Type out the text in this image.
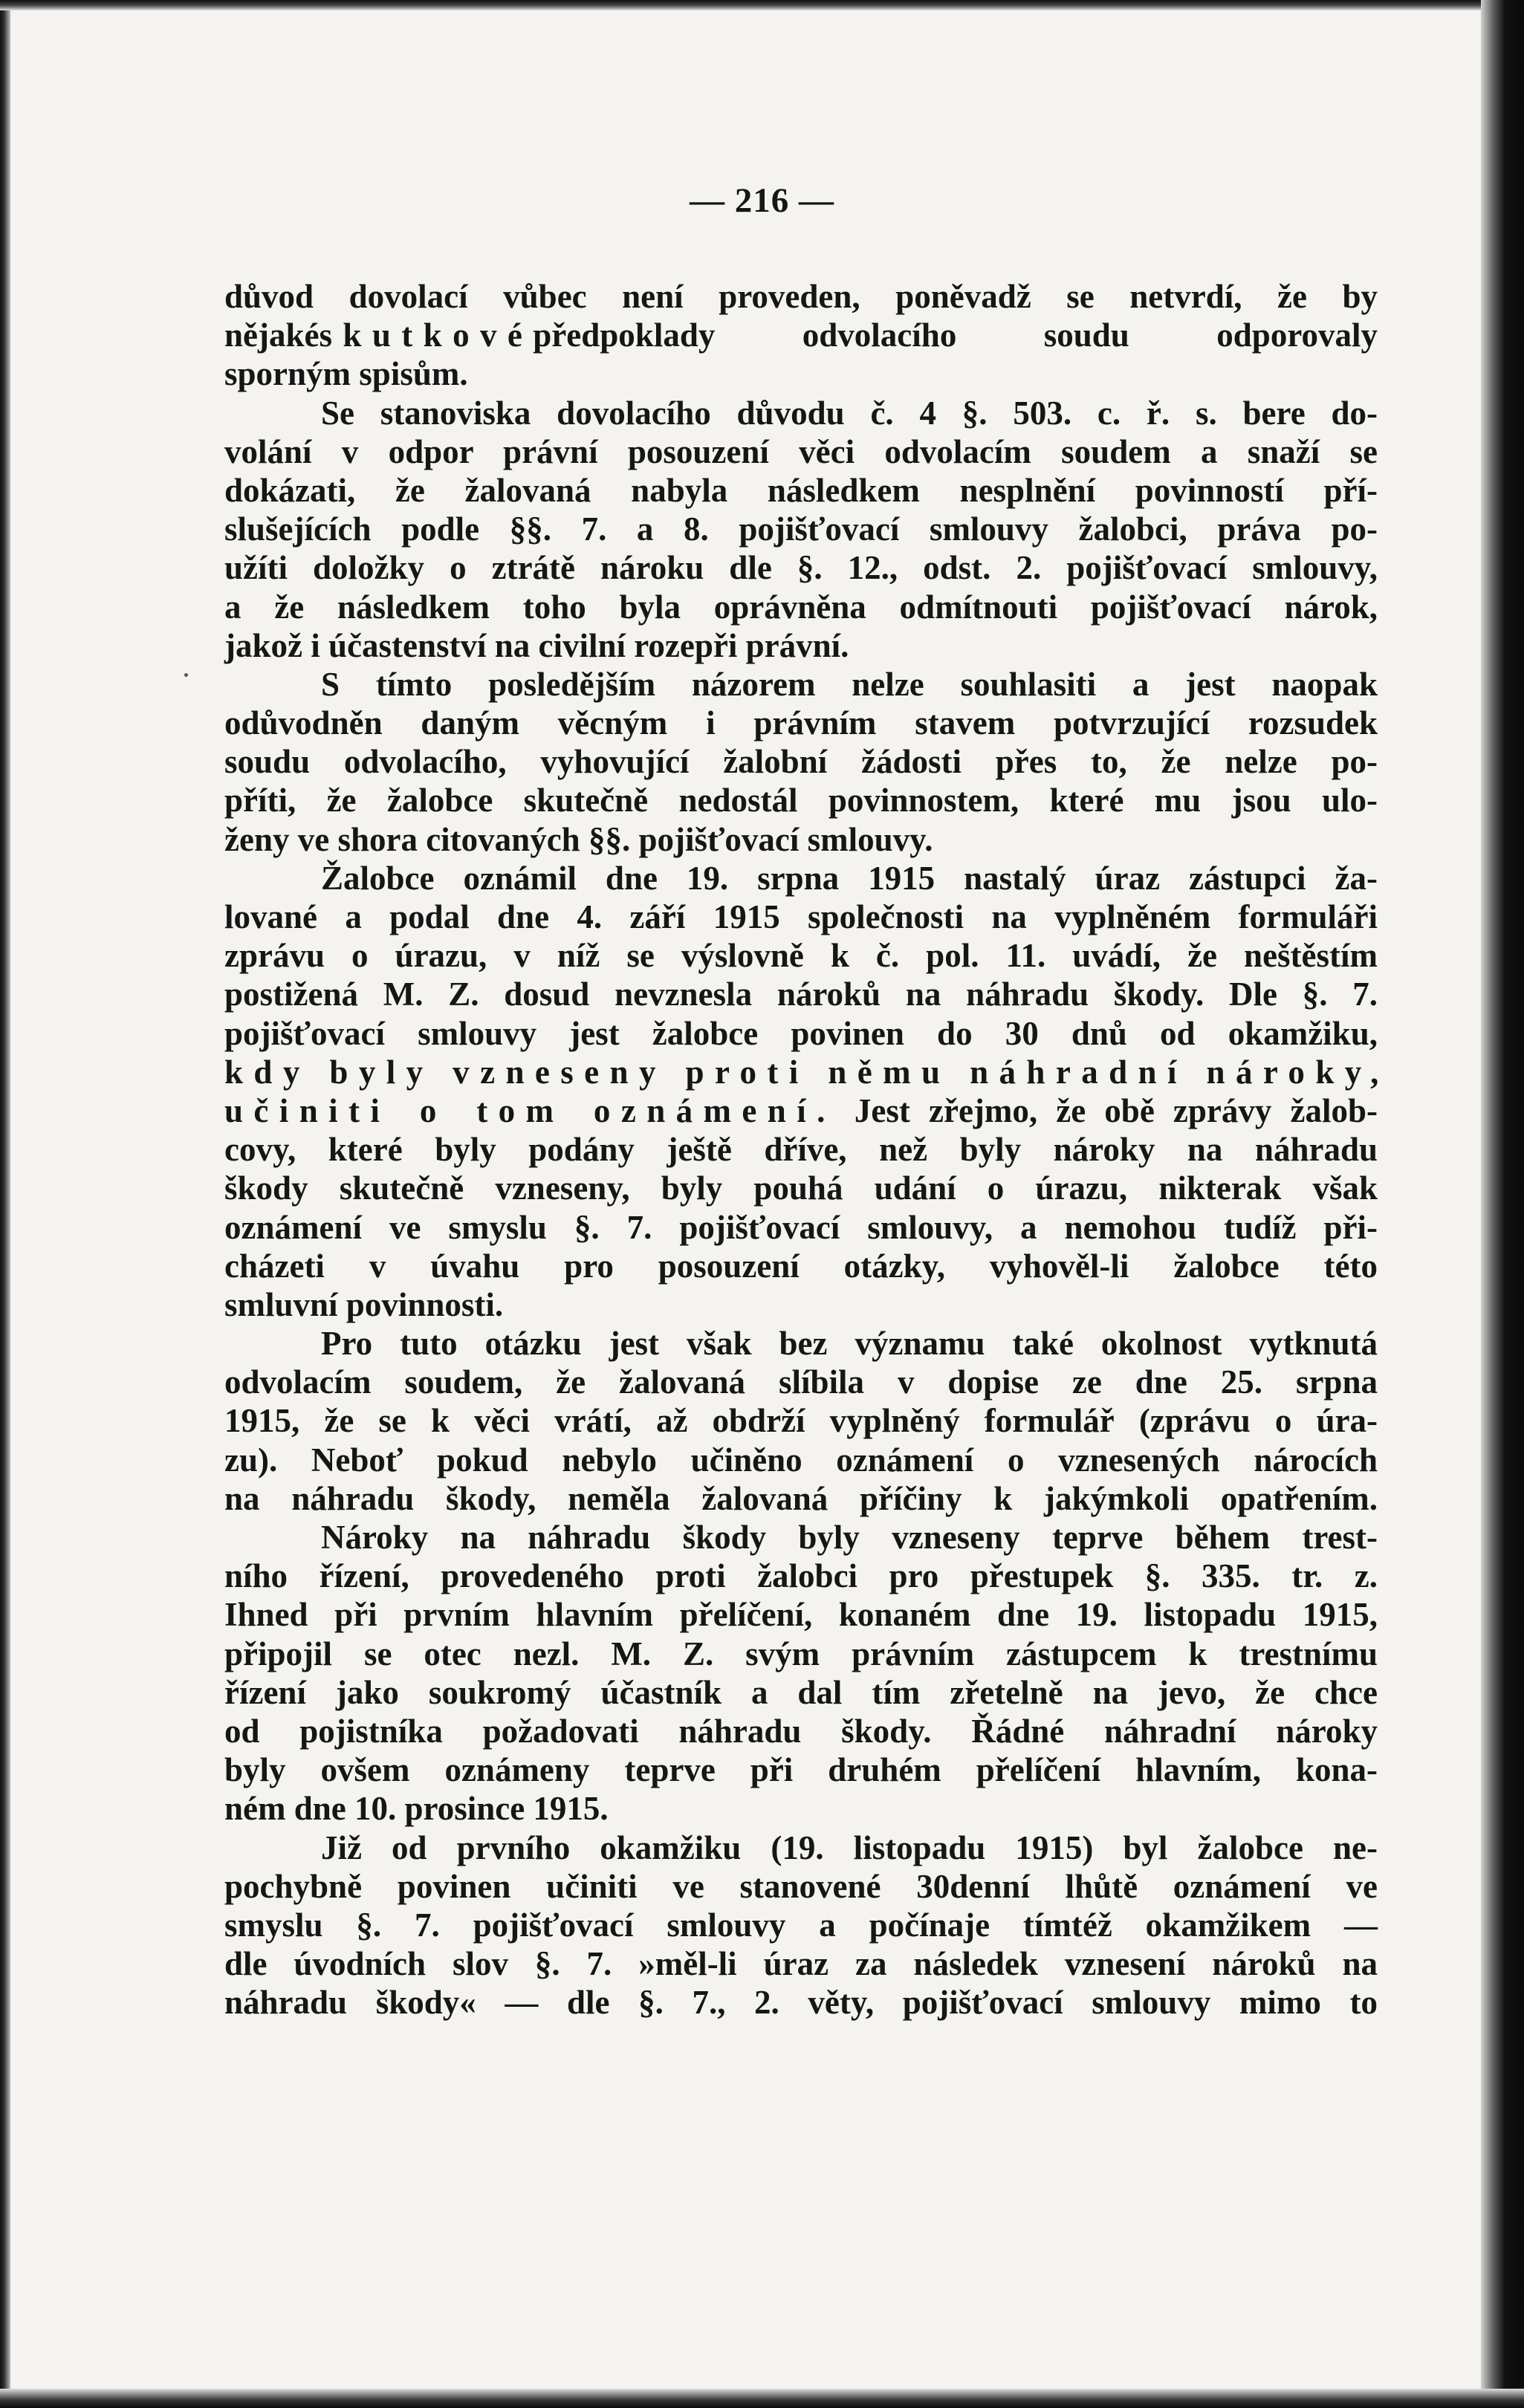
— 216 —
důvod dovolací vůbec není proveden, poněvadž se netvrdí, že by
nějakéskutkovépředpoklady odvolacího soudu odporovaly
sporným spisům.
Se stanoviska dovolacího důvodu č. 4 §. 503. c. ř. s. bere do-
volání v odpor právní posouzení věci odvolacím soudem a snaží se
dokázati, že žalovaná nabyla následkem nesplnění povinností pří-
slušejících podle §§. 7. a 8. pojišťovací smlouvy žalobci, práva po-
užíti doložky o ztrátě nároku dle §. 12., odst. 2. pojišťovací smlouvy,
a že následkem toho byla oprávněna odmítnouti pojišťovací nárok,
jakož i účastenství na civilní rozepři právní.
S tímto posledějším názorem nelze souhlasiti a jest naopak
odůvodněn daným věcným i právním stavem potvrzující rozsudek
soudu odvolacího, vyhovující žalobní žádosti přes to, že nelze po-
příti, že žalobce skutečně nedostál povinnostem, které mu jsou ulo-
ženy ve shora citovaných §§. pojišťovací smlouvy.
Žalobce oznámil dne 19. srpna 1915 nastalý úraz zástupci ža-
lované a podal dne 4. září 1915 společnosti na vyplněném formuláři
zprávu o úrazu, v níž se výslovně k č. pol. 11. uvádí, že neštěstím
postižená M. Z. dosud nevznesla nároků na náhradu škody. Dle §. 7.
pojišťovací smlouvy jest žalobce povinen do 30 dnů od okamžiku,
kdy byly vzneseny proti němu náhradní nároky,
učiniti o tom oznámení. Jest zřejmo, že obě zprávy žalob-
covy, které byly podány ještě dříve, než byly nároky na náhradu
škody skutečně vzneseny, byly pouhá udání o úrazu, nikterak však
oznámení ve smyslu §. 7. pojišťovací smlouvy, a nemohou tudíž při-
cházeti v úvahu pro posouzení otázky, vyhověl-li žalobce této
smluvní povinnosti.
Pro tuto otázku jest však bez významu také okolnost vytknutá
odvolacím soudem, že žalovaná slíbila v dopise ze dne 25. srpna
1915, že se k věci vrátí, až obdrží vyplněný formulář (zprávu o úra-
zu). Neboť pokud nebylo učiněno oznámení o vznesených nárocích
na náhradu škody, neměla žalovaná příčiny k jakýmkoli opatřením.
Nároky na náhradu škody byly vzneseny teprve během trest-
ního řízení, provedeného proti žalobci pro přestupek §. 335. tr. z.
Ihned při prvním hlavním přelíčení, konaném dne 19. listopadu 1915,
připojil se otec nezl. M. Z. svým právním zástupcem k trestnímu
řízení jako soukromý účastník a dal tím zřetelně na jevo, že chce
od pojistníka požadovati náhradu škody. Řádné náhradní nároky
byly ovšem oznámeny teprve při druhém přelíčení hlavním, kona-
ném dne 10. prosince 1915.
Již od prvního okamžiku (19. listopadu 1915) byl žalobce ne-
pochybně povinen učiniti ve stanovené 30denní lhůtě oznámení ve
smyslu §. 7. pojišťovací smlouvy a počínaje tímtéž okamžikem —
dle úvodních slov §. 7. »měl-li úraz za následek vznesení nároků na
náhradu škody« — dle §. 7., 2. věty, pojišťovací smlouvy mimo to
